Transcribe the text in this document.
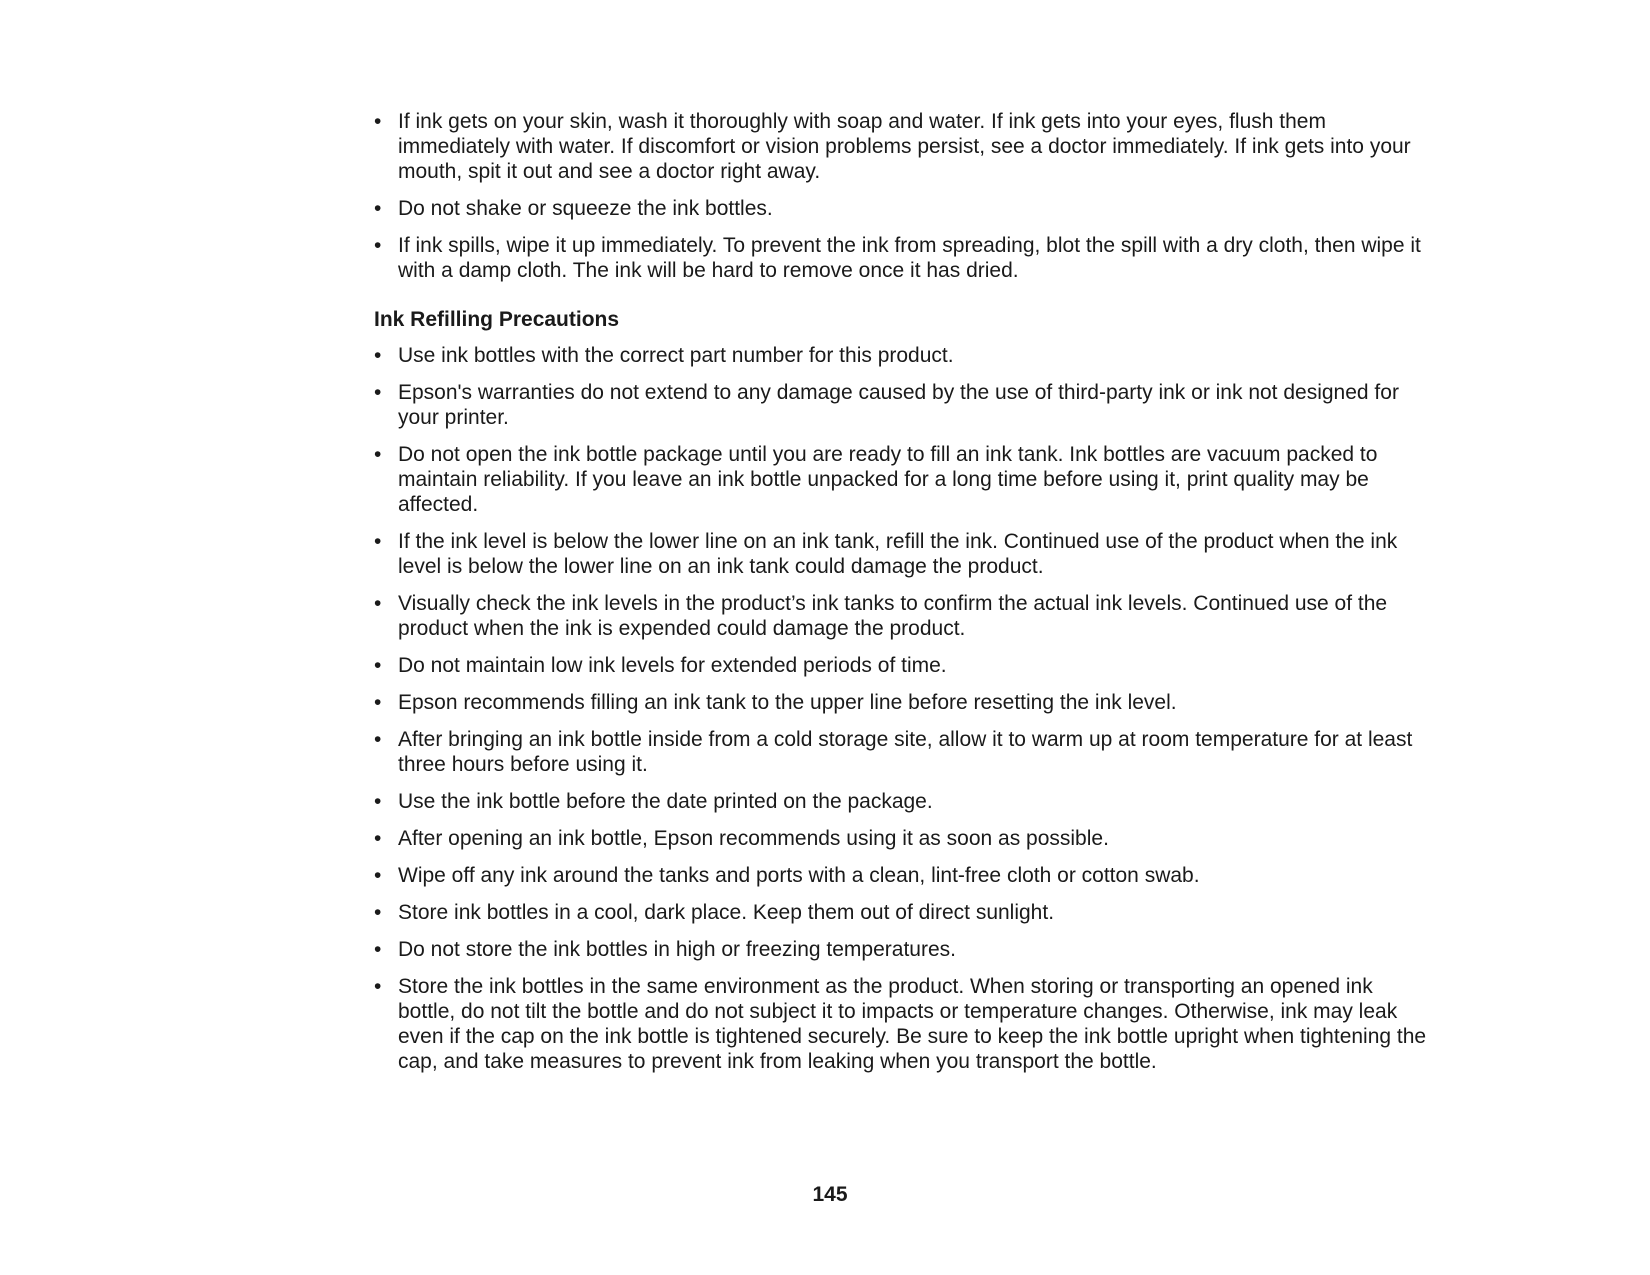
• If ink gets on your skin, wash it thoroughly with soap and water. If ink gets into your eyes, flush them immediately with water. If discomfort or vision problems persist, see a doctor immediately. If ink gets into your mouth, spit it out and see a doctor right away.
• Do not shake or squeeze the ink bottles.
• If ink spills, wipe it up immediately. To prevent the ink from spreading, blot the spill with a dry cloth, then wipe it with a damp cloth. The ink will be hard to remove once it has dried.
Ink Refilling Precautions
• Use ink bottles with the correct part number for this product.
• Epson's warranties do not extend to any damage caused by the use of third-party ink or ink not designed for your printer.
• Do not open the ink bottle package until you are ready to fill an ink tank. Ink bottles are vacuum packed to maintain reliability. If you leave an ink bottle unpacked for a long time before using it, print quality may be affected.
• If the ink level is below the lower line on an ink tank, refill the ink. Continued use of the product when the ink level is below the lower line on an ink tank could damage the product.
• Visually check the ink levels in the product’s ink tanks to confirm the actual ink levels. Continued use of the product when the ink is expended could damage the product.
• Do not maintain low ink levels for extended periods of time.
• Epson recommends filling an ink tank to the upper line before resetting the ink level.
• After bringing an ink bottle inside from a cold storage site, allow it to warm up at room temperature for at least three hours before using it.
• Use the ink bottle before the date printed on the package.
• After opening an ink bottle, Epson recommends using it as soon as possible.
• Wipe off any ink around the tanks and ports with a clean, lint-free cloth or cotton swab.
• Store ink bottles in a cool, dark place. Keep them out of direct sunlight.
• Do not store the ink bottles in high or freezing temperatures.
• Store the ink bottles in the same environment as the product. When storing or transporting an opened ink bottle, do not tilt the bottle and do not subject it to impacts or temperature changes. Otherwise, ink may leak even if the cap on the ink bottle is tightened securely. Be sure to keep the ink bottle upright when tightening the cap, and take measures to prevent ink from leaking when you transport the bottle.
145
